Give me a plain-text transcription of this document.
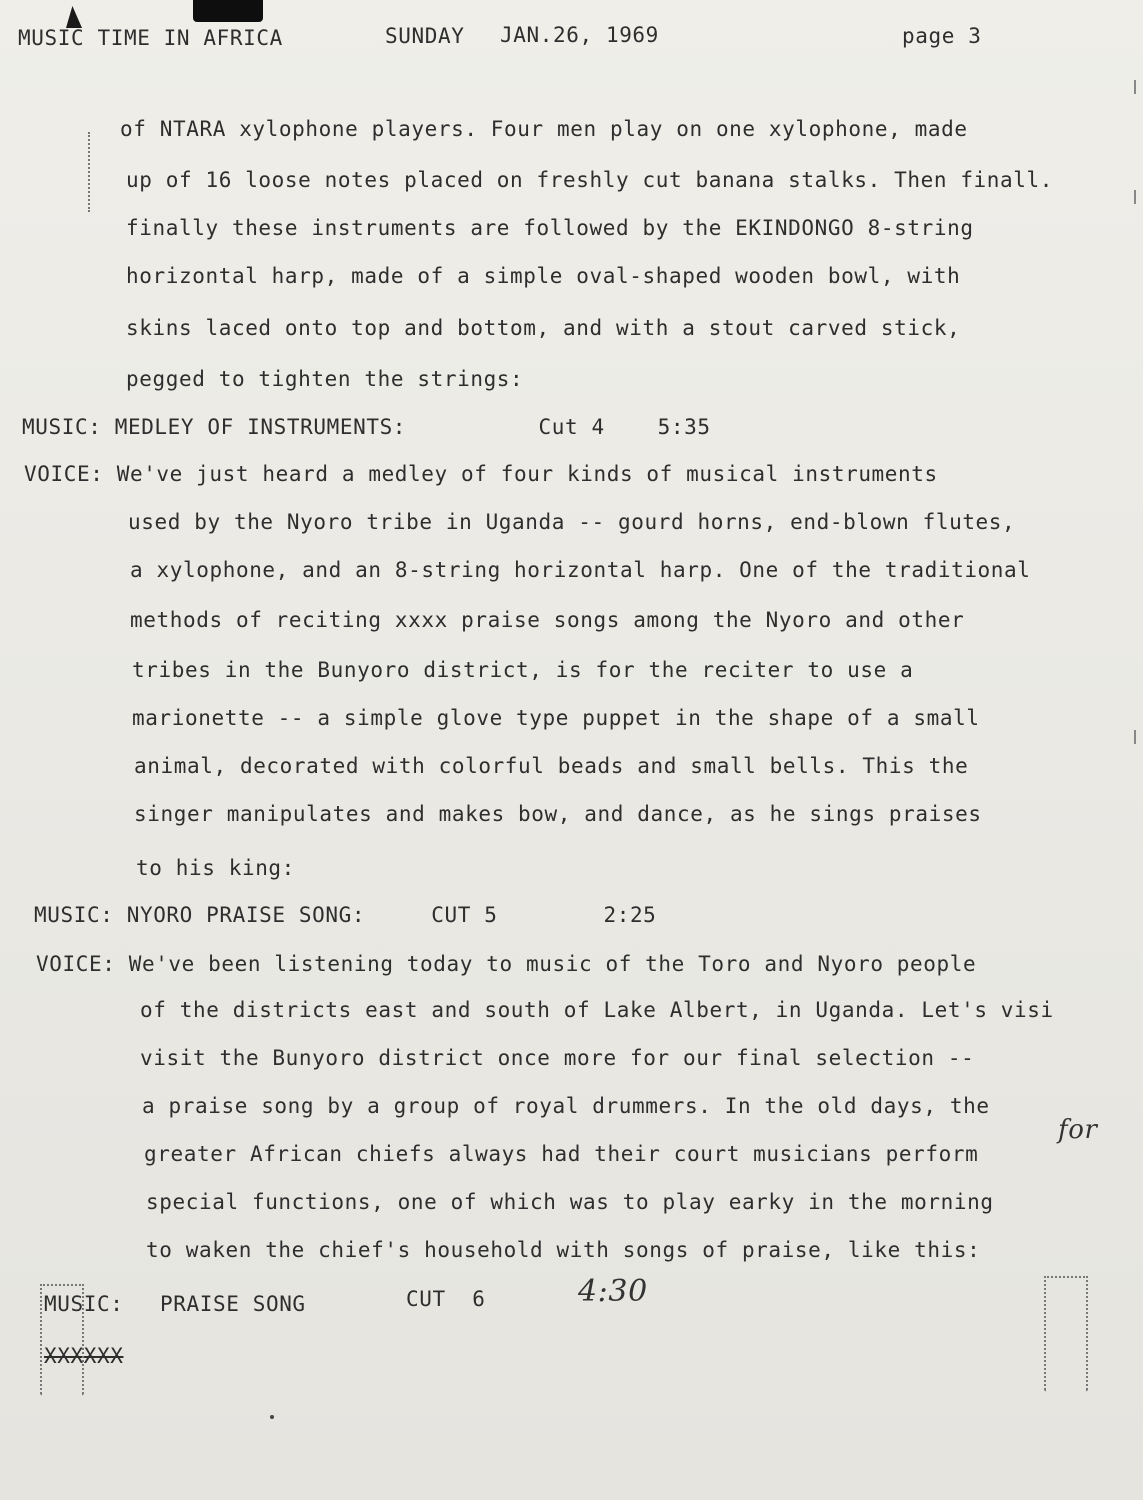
MUSIC TIME IN AFRICA	SUNDAY JAN.26, 1969	page 3
of NTARA xylophone players. Four men play on one xylophone, made
up of 16 loose notes placed on freshly cut banana stalks. Then finall.
finally these instruments are followed by the EKINDONGO 8-string
horizontal harp, made of a simple oval-shaped wooden bowl, with
skins laced onto top and bottom, and with a stout carved stick,
pegged to tighten the strings:
MUSIC: MEDLEY OF INSTRUMENTS:          Cut 4    5:35
VOICE: We've just heard a medley of four kinds of musical instruments
used by the Nyoro tribe in Uganda -- gourd horns, end-blown flutes,
a xylophone, and an 8-string horizontal harp. One of the traditional
methods of reciting xxxx praise songs among the Nyoro and other
tribes in the Bunyoro district, is for the reciter to use a
marionette -- a simple glove type puppet in the shape of a small
animal, decorated with colorful beads and small bells. This the
singer manipulates and makes bow, and dance, as he sings praises
to his king:
MUSIC: NYORO PRAISE SONG:     CUT 5        2:25
VOICE: We've been listening today to music of the Toro and Nyoro people
of the districts east and south of Lake Albert, in Uganda. Let's visi
visit the Bunyoro district once more for our final selection --
a praise song by a group of royal drummers. In the old days, the
greater African chiefs always had their court musicians perform
special functions, one of which was to play earky in the morning
to waken the chief's household with songs of praise, like this:
for
MUSIC: PRAISE SONG	CUT  6	4:30
XXXXXX
